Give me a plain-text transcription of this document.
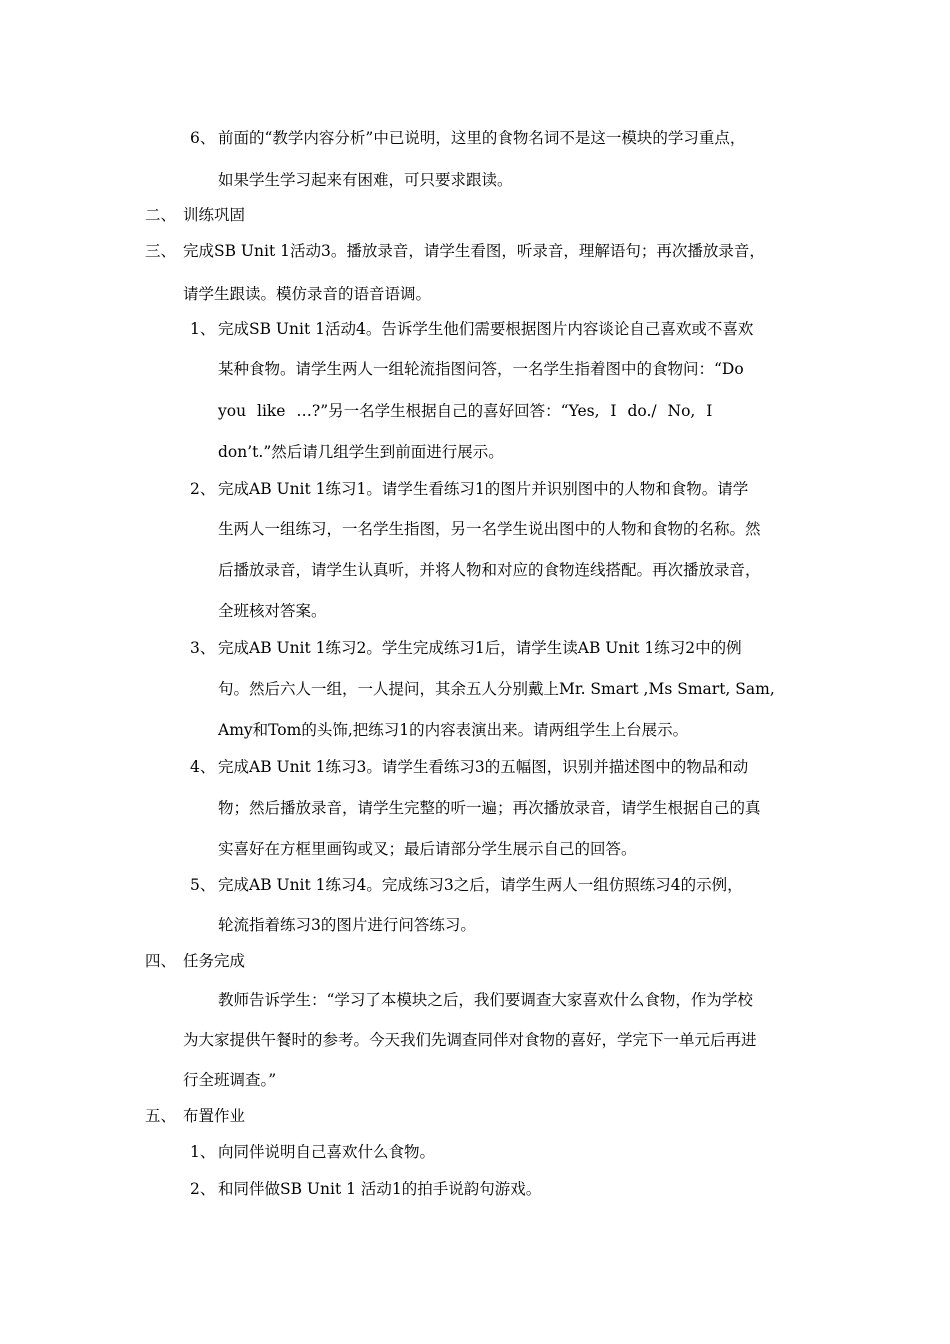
6、 前面的“教学内容分析”中已说明，这里的食物名词不是这一模块的学习重点，
如果学生学习起来有困难，可只要求跟读。
二、 训练巩固
三、 完成SB Unit 1活动3。播放录音，请学生看图，听录音，理解语句；再次播放录音，
请学生跟读。模仿录音的语音语调。
1、 完成SB Unit 1活动4。告诉学生他们需要根据图片内容谈论自己喜欢或不喜欢
某种食物。请学生两人一组轮流指图问答，一名学生指着图中的食物问：“Do
you like …?”另一名学生根据自己的喜好回答：“Yes, I do./ No, I
don’t.”然后请几组学生到前面进行展示。
2、 完成AB Unit 1练习1。请学生看练习1的图片并识别图中的人物和食物。请学
生两人一组练习，一名学生指图，另一名学生说出图中的人物和食物的名称。然
后播放录音，请学生认真听，并将人物和对应的食物连线搭配。再次播放录音，
全班核对答案。
3、 完成AB Unit 1练习2。学生完成练习1后，请学生读AB Unit 1练习2中的例
句。然后六人一组，一人提问，其余五人分别戴上Mr. Smart ,Ms Smart, Sam,
Amy和Tom的头饰,把练习1的内容表演出来。请两组学生上台展示。
4、 完成AB Unit 1练习3。请学生看练习3的五幅图，识别并描述图中的物品和动
物；然后播放录音，请学生完整的听一遍；再次播放录音，请学生根据自己的真
实喜好在方框里画钩或叉；最后请部分学生展示自己的回答。
5、 完成AB Unit 1练习4。完成练习3之后，请学生两人一组仿照练习4的示例，
轮流指着练习3的图片进行问答练习。
四、 任务完成
教师告诉学生：“学习了本模块之后，我们要调查大家喜欢什么食物，作为学校
为大家提供午餐时的参考。今天我们先调查同伴对食物的喜好，学完下一单元后再进
行全班调查。”
五、 布置作业
1、 向同伴说明自己喜欢什么食物。
2、 和同伴做SB Unit 1 活动1的拍手说韵句游戏。
